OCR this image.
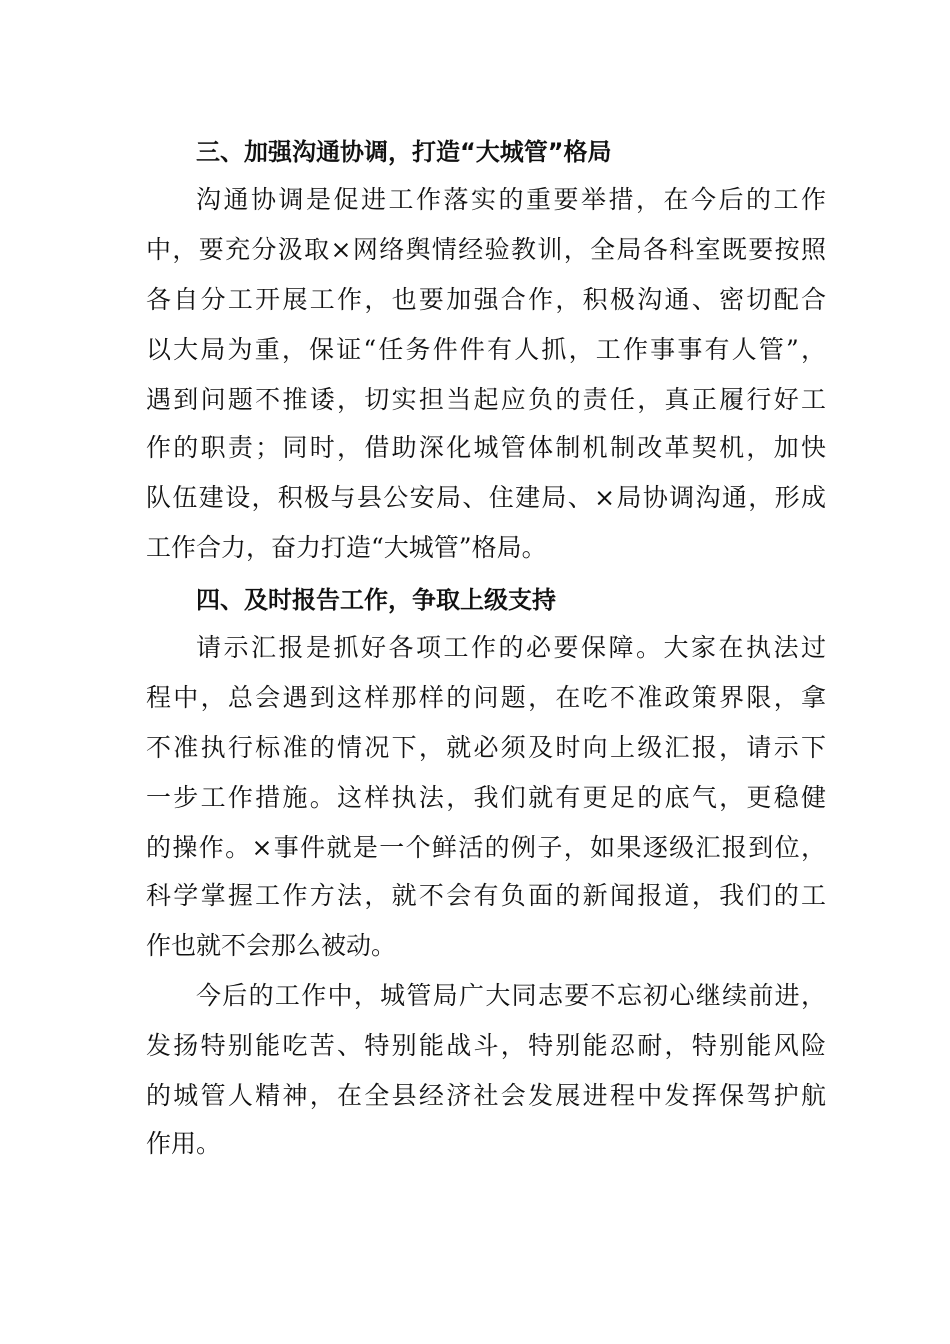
三、加强沟通协调，打造“大城管”格局
沟通协调是促进工作落实的重要举措，在今后的工作
中，要充分汲取×网络舆情经验教训，全局各科室既要按照
各自分工开展工作，也要加强合作，积极沟通、密切配合
以大局为重，保证“任务件件有人抓，工作事事有人管”，
遇到问题不推诿，切实担当起应负的责任，真正履行好工
作的职责；同时，借助深化城管体制机制改革契机，加快
队伍建设，积极与县公安局、住建局、×局协调沟通，形成
工作合力，奋力打造“大城管”格局。
四、及时报告工作，争取上级支持
请示汇报是抓好各项工作的必要保障。大家在执法过
程中，总会遇到这样那样的问题，在吃不准政策界限，拿
不准执行标准的情况下，就必须及时向上级汇报，请示下
一步工作措施。这样执法，我们就有更足的底气，更稳健
的操作。×事件就是一个鲜活的例子，如果逐级汇报到位，
科学掌握工作方法，就不会有负面的新闻报道，我们的工
作也就不会那么被动。
今后的工作中，城管局广大同志要不忘初心继续前进，
发扬特别能吃苦、特别能战斗，特别能忍耐，特别能风险
的城管人精神，在全县经济社会发展进程中发挥保驾护航
作用。
